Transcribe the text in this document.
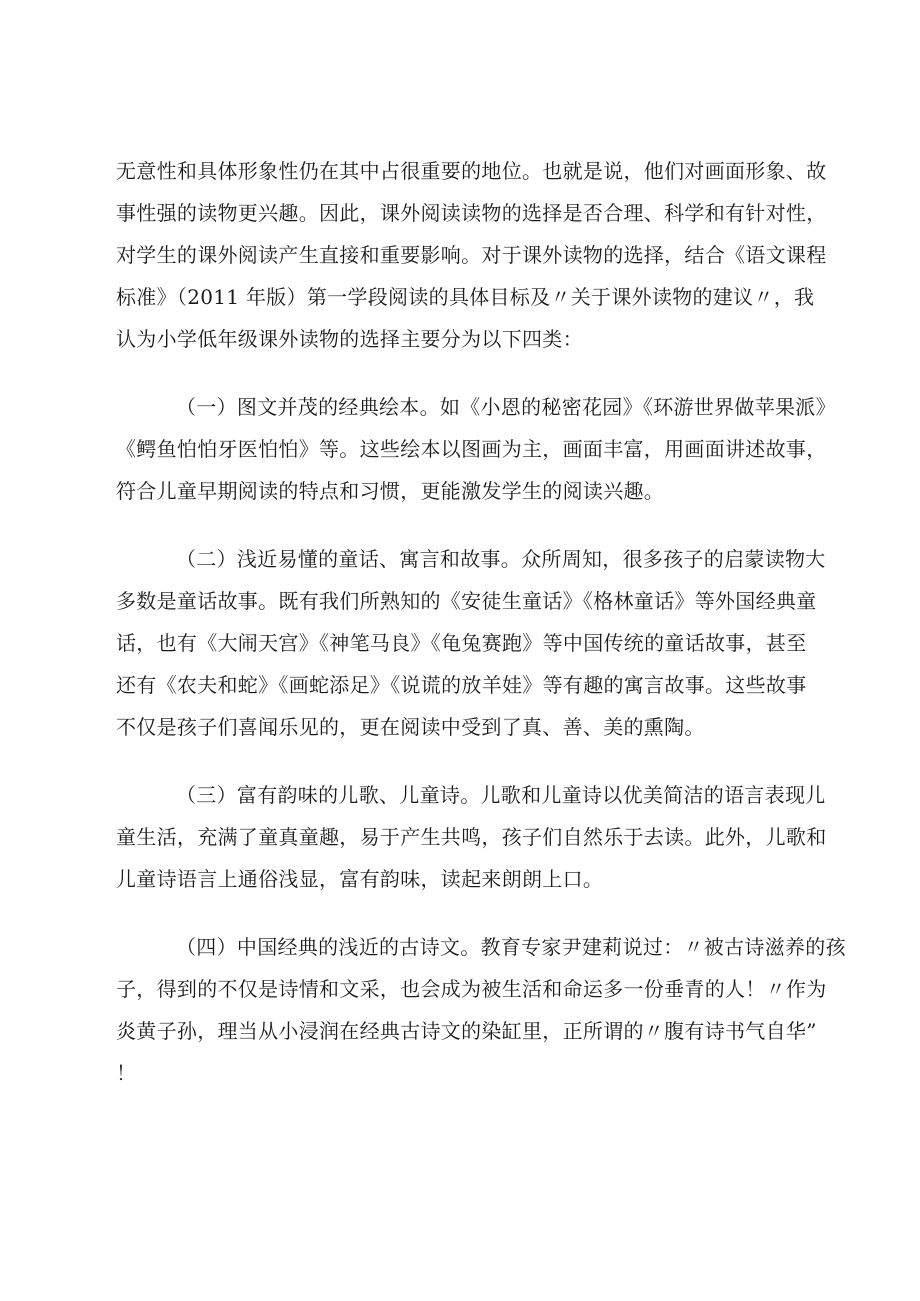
无意性和具体形象性仍在其中占很重要的地位。也就是说，他们对画面形象、故
事性强的读物更兴趣。因此，课外阅读读物的选择是否合理、科学和有针对性，
对学生的课外阅读产生直接和重要影响。对于课外读物的选择，结合《语文课程
标准》（2011 年版）第一学段阅读的具体目标及〃关于课外读物的建议〃，我
认为小学低年级课外读物的选择主要分为以下四类：
（一）图文并茂的经典绘本。如《小恩的秘密花园》《环游世界做苹果派》
《鳄鱼怕怕牙医怕怕》等。这些绘本以图画为主，画面丰富，用画面讲述故事，
符合儿童早期阅读的特点和习惯，更能激发学生的阅读兴趣。
（二）浅近易懂的童话、寓言和故事。众所周知，很多孩子的启蒙读物大
多数是童话故事。既有我们所熟知的《安徒生童话》《格林童话》等外国经典童
话，也有《大闹天宫》《神笔马良》《龟兔赛跑》等中国传统的童话故事，甚至
还有《农夫和蛇》《画蛇添足》《说谎的放羊娃》等有趣的寓言故事。这些故事
不仅是孩子们喜闻乐见的，更在阅读中受到了真、善、美的熏陶。
（三）富有韵味的儿歌、儿童诗。儿歌和儿童诗以优美简洁的语言表现儿
童生活，充满了童真童趣，易于产生共鸣，孩子们自然乐于去读。此外，儿歌和
儿童诗语言上通俗浅显，富有韵味，读起来朗朗上口。
（四）中国经典的浅近的古诗文。教育专家尹建莉说过：〃被古诗滋养的孩
子，得到的不仅是诗情和文采，也会成为被生活和命运多一份垂青的人！〃作为
炎黄子孙，理当从小浸润在经典古诗文的染缸里，正所谓的〃腹有诗书气自华”
！
